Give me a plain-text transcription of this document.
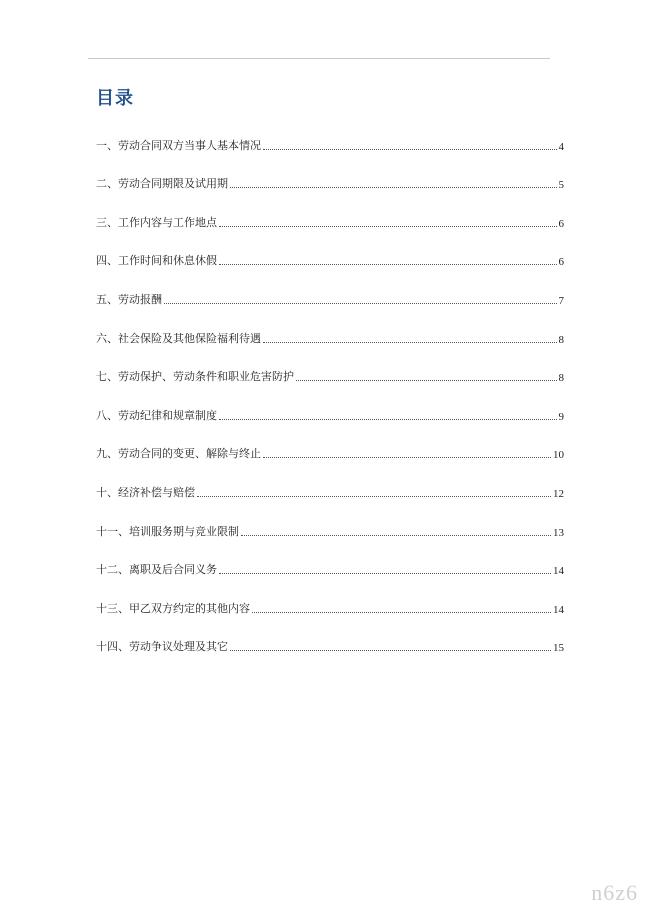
目录
一、劳动合同双方当事人基本情况	4
二、劳动合同期限及试用期	5
三、工作内容与工作地点	6
四、工作时间和休息休假	6
五、劳动报酬	7
六、社会保险及其他保险福利待遇	8
七、劳动保护、劳动条件和职业危害防护	8
八、劳动纪律和规章制度	9
九、劳动合同的变更、解除与终止	10
十、经济补偿与赔偿	12
十一、培训服务期与竞业限制	13
十二、离职及后合同义务	14
十三、甲乙双方约定的其他内容	14
十四、劳动争议处理及其它	15
n6z6
